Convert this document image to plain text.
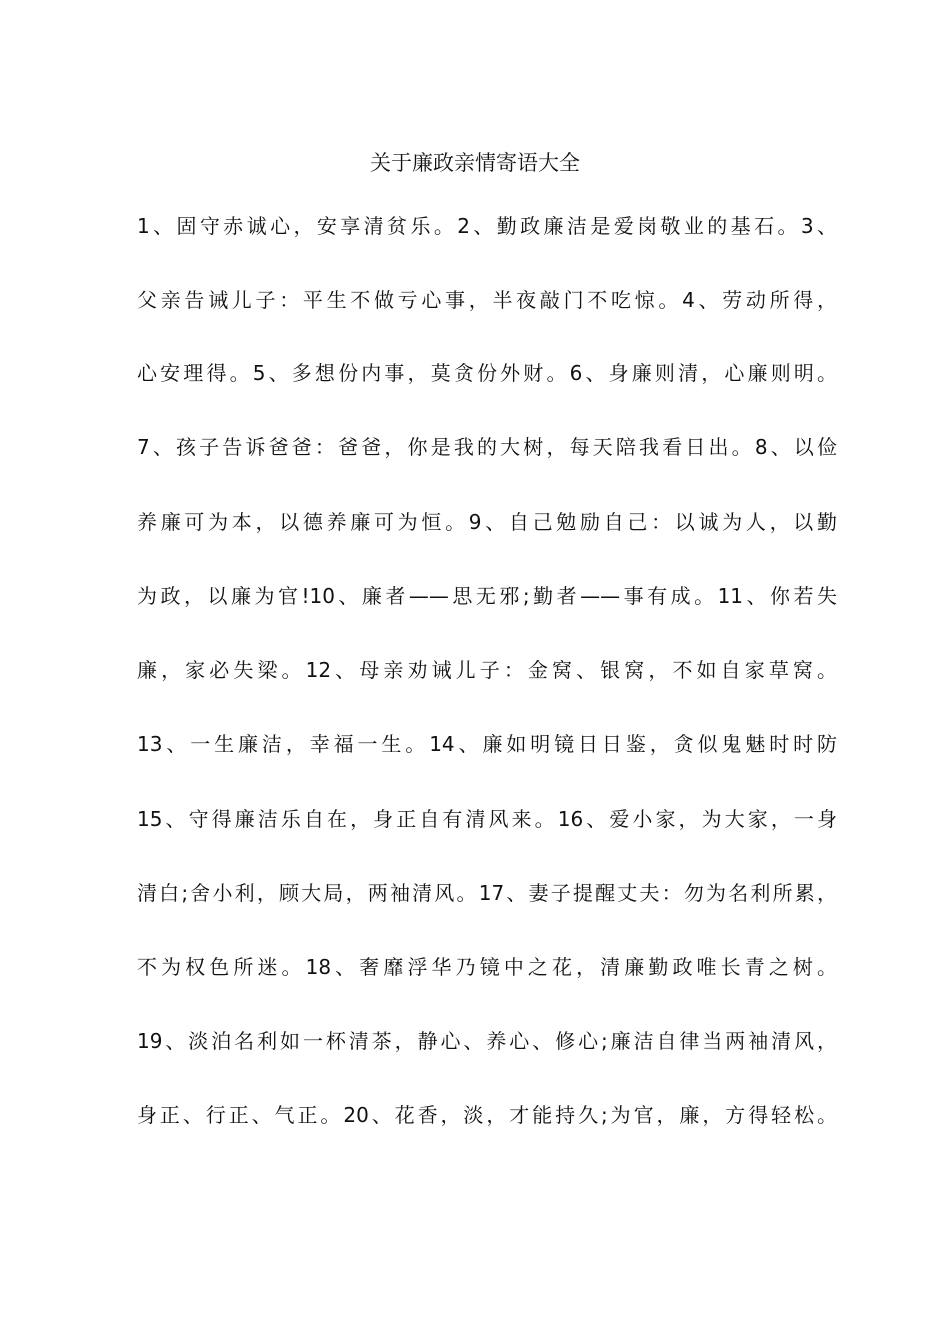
关于廉政亲情寄语大全
1、固守赤诚心，安享清贫乐。2、勤政廉洁是爱岗敬业的基石。3、
父亲告诫儿子：平生不做亏心事，半夜敲门不吃惊。4、劳动所得，
心安理得。5、多想份内事，莫贪份外财。6、身廉则清，心廉则明。
7、孩子告诉爸爸：爸爸，你是我的大树，每天陪我看日出。8、以俭
养廉可为本，以德养廉可为恒。9、自己勉励自己：以诚为人，以勤
为政，以廉为官!10、廉者——思无邪;勤者——事有成。11、你若失
廉，家必失梁。12、母亲劝诫儿子：金窝、银窝，不如自家草窝。
13、一生廉洁，幸福一生。14、廉如明镜日日鉴，贪似鬼魅时时防
15、守得廉洁乐自在，身正自有清风来。16、爱小家，为大家，一身
清白;舍小利，顾大局，两袖清风。17、妻子提醒丈夫：勿为名利所累，
不为权色所迷。18、奢靡浮华乃镜中之花，清廉勤政唯长青之树。
19、淡泊名利如一杯清茶，静心、养心、修心;廉洁自律当两袖清风，
身正、行正、气正。20、花香，淡，才能持久;为官，廉，方得轻松。
